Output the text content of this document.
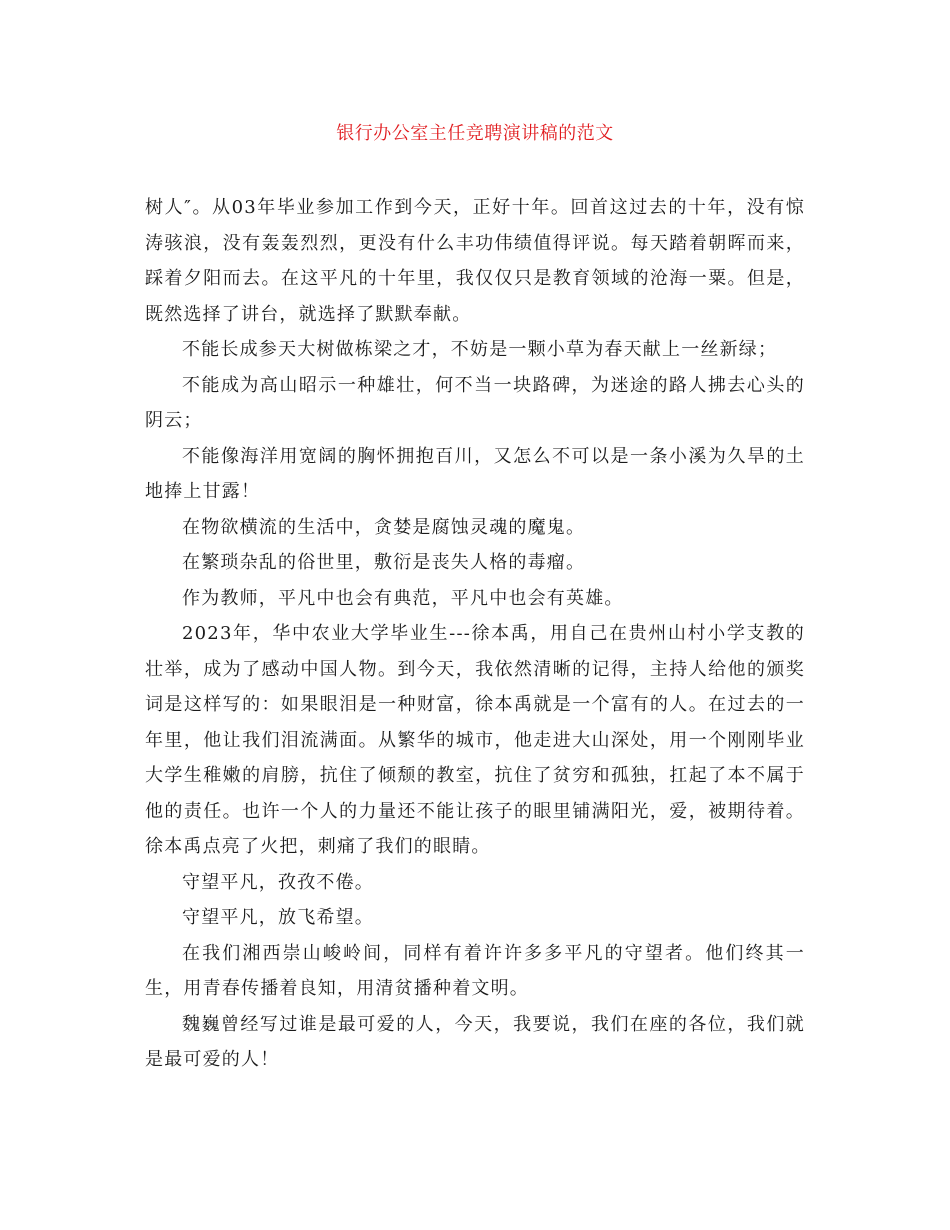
银行办公室主任竞聘演讲稿的范文

树人″。从03年毕业参加工作到今天，正好十年。回首这过去的十年，没有惊涛骇浪，没有轰轰烈烈，更没有什么丰功伟绩值得评说。每天踏着朝晖而来，踩着夕阳而去。在这平凡的十年里，我仅仅只是教育领域的沧海一粟。但是，既然选择了讲台，就选择了默默奉献。

不能长成参天大树做栋梁之才，不妨是一颗小草为春天献上一丝新绿；

不能成为高山昭示一种雄壮，何不当一块路碑，为迷途的路人拂去心头的阴云；

不能像海洋用宽阔的胸怀拥抱百川，又怎么不可以是一条小溪为久旱的土地捧上甘露！

在物欲横流的生活中，贪婪是腐蚀灵魂的魔鬼。

在繁琐杂乱的俗世里，敷衍是丧失人格的毒瘤。

作为教师，平凡中也会有典范，平凡中也会有英雄。

2023年，华中农业大学毕业生---徐本禹，用自己在贵州山村小学支教的壮举，成为了感动中国人物。到今天，我依然清晰的记得，主持人给他的颁奖词是这样写的：如果眼泪是一种财富，徐本禹就是一个富有的人。在过去的一年里，他让我们泪流满面。从繁华的城市，他走进大山深处，用一个刚刚毕业大学生稚嫩的肩膀，抗住了倾颓的教室，抗住了贫穷和孤独，扛起了本不属于他的责任。也许一个人的力量还不能让孩子的眼里铺满阳光，爱，被期待着。徐本禹点亮了火把，刺痛了我们的眼睛。

守望平凡，孜孜不倦。

守望平凡，放飞希望。

在我们湘西崇山峻岭间，同样有着许许多多平凡的守望者。他们终其一生，用青春传播着良知，用清贫播种着文明。

魏巍曾经写过谁是最可爱的人，今天，我要说，我们在座的各位，我们就是最可爱的人！
